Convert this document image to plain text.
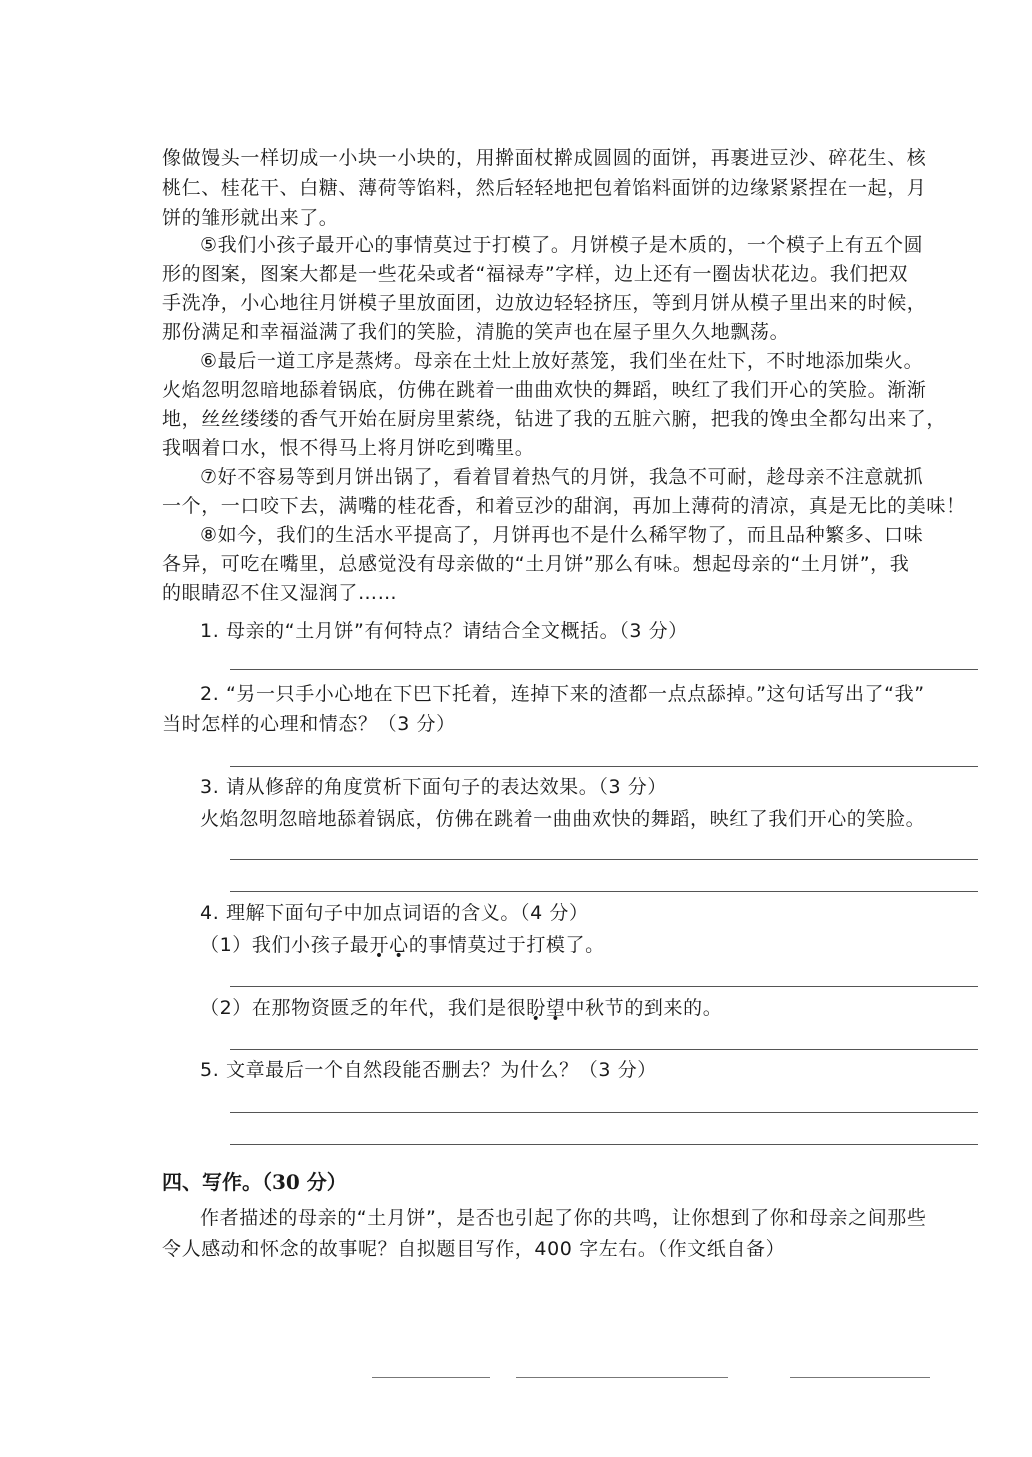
像做馒头一样切成一小块一小块的，用擀面杖擀成圆圆的面饼，再裹进豆沙、碎花生、核
桃仁、桂花干、白糖、薄荷等馅料，然后轻轻地把包着馅料面饼的边缘紧紧捏在一起，月
饼的雏形就出来了。
⑤我们小孩子最开心的事情莫过于打模了。月饼模子是木质的，一个模子上有五个圆
形的图案，图案大都是一些花朵或者“福禄寿”字样，边上还有一圈齿状花边。我们把双
手洗净，小心地往月饼模子里放面团，边放边轻轻挤压，等到月饼从模子里出来的时候，
那份满足和幸福溢满了我们的笑脸，清脆的笑声也在屋子里久久地飘荡。
⑥最后一道工序是蒸烤。母亲在土灶上放好蒸笼，我们坐在灶下，不时地添加柴火。
火焰忽明忽暗地舔着锅底，仿佛在跳着一曲曲欢快的舞蹈，映红了我们开心的笑脸。渐渐
地，丝丝缕缕的香气开始在厨房里萦绕，钻进了我的五脏六腑，把我的馋虫全都勾出来了，
我咽着口水，恨不得马上将月饼吃到嘴里。
⑦好不容易等到月饼出锅了，看着冒着热气的月饼，我急不可耐，趁母亲不注意就抓
一个，一口咬下去，满嘴的桂花香，和着豆沙的甜润，再加上薄荷的清凉，真是无比的美味！
⑧如今，我们的生活水平提高了，月饼再也不是什么稀罕物了，而且品种繁多、口味
各异，可吃在嘴里，总感觉没有母亲做的“土月饼”那么有味。想起母亲的“土月饼”，我
的眼睛忍不住又湿润了……
1. 母亲的“土月饼”有何特点？请结合全文概括。（3 分）
2. “另一只手小心地在下巴下托着，连掉下来的渣都一点点舔掉。”这句话写出了“我”
当时怎样的心理和情态？（3 分）
3. 请从修辞的角度赏析下面句子的表达效果。（3 分）
火焰忽明忽暗地舔着锅底，仿佛在跳着一曲曲欢快的舞蹈，映红了我们开心的笑脸。
4. 理解下面句子中加点词语的含义。（4 分）
（1）我们小孩子最开心的事情莫过于打模了。
（2）在那物资匮乏的年代，我们是很盼望中秋节的到来的。
5. 文章最后一个自然段能否删去？为什么？（3 分）
四、写作。（30 分）
作者描述的母亲的“土月饼”，是否也引起了你的共鸣，让你想到了你和母亲之间那些
令人感动和怀念的故事呢？自拟题目写作，400 字左右。（作文纸自备）
